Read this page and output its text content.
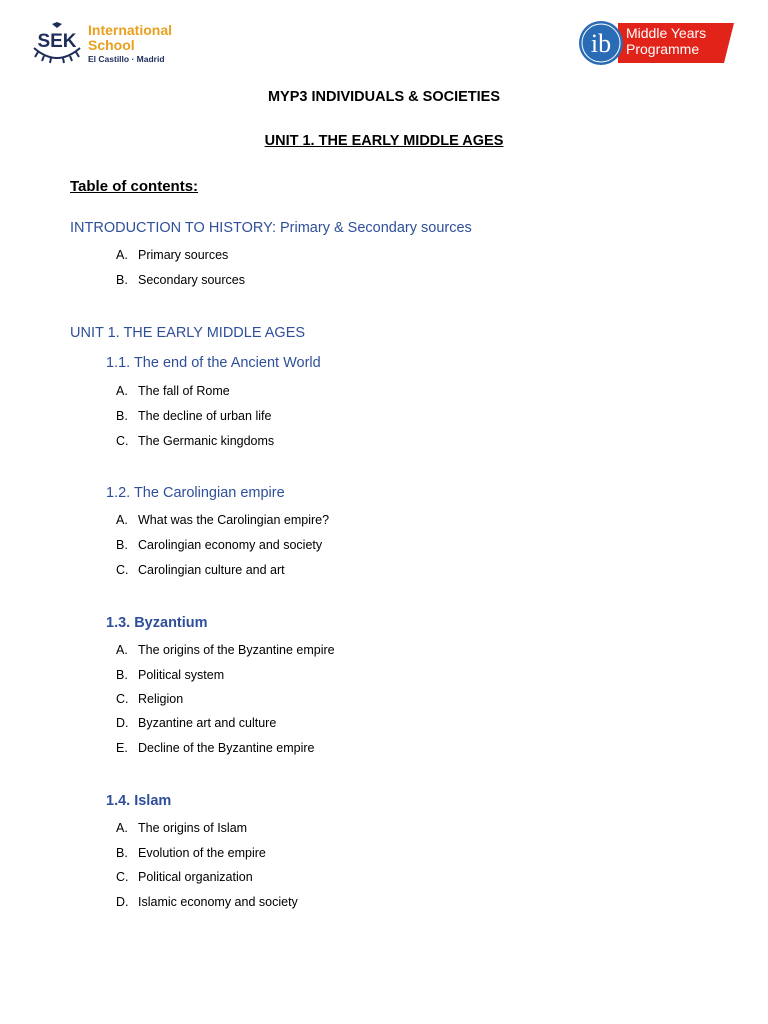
SEK
International
School
El Castillo · Madrid
ib Middle Years
Programme
MYP3 INDIVIDUALS & SOCIETIES
UNIT 1. THE EARLY MIDDLE AGES
Table of contents:
INTRODUCTION TO HISTORY: Primary & Secondary sources
A. Primary sources
B. Secondary sources
UNIT 1. THE EARLY MIDDLE AGES
1.1. The end of the Ancient World
A. The fall of Rome
B. The decline of urban life
C. The Germanic kingdoms
1.2. The Carolingian empire
A. What was the Carolingian empire?
B. Carolingian economy and society
C. Carolingian culture and art
1.3. Byzantium
A. The origins of the Byzantine empire
B. Political system
C. Religion
D. Byzantine art and culture
E. Decline of the Byzantine empire
1.4. Islam
A. The origins of Islam
B. Evolution of the empire
C. Political organization
D. Islamic economy and society
